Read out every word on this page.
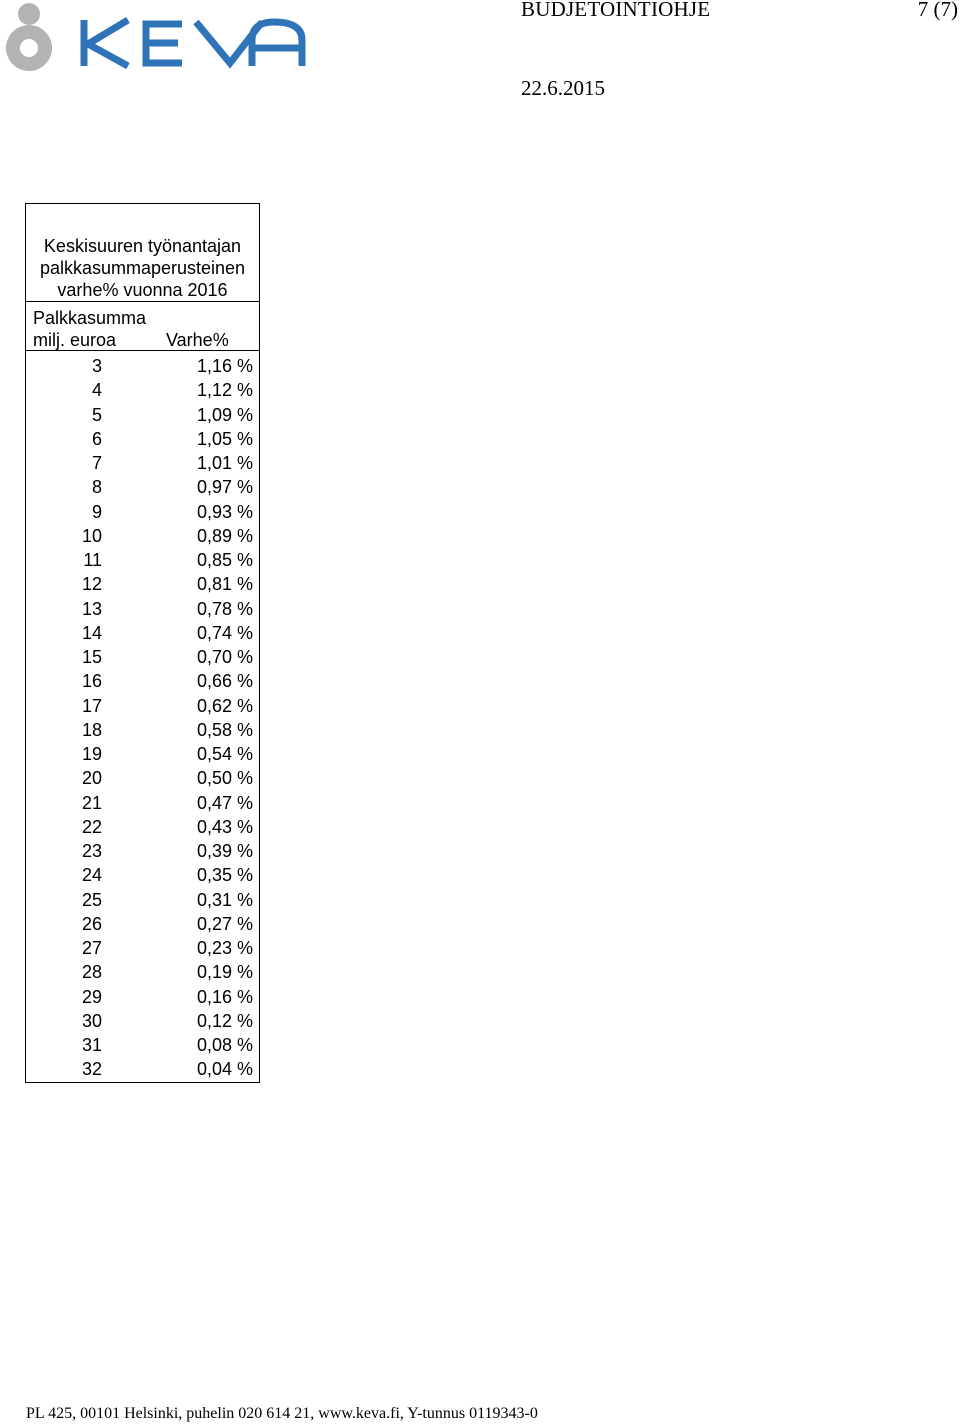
BUDJETOINTIOHJE	7 (7)
22.6.2015
Keskisuuren työnantajan
palkkasummaperusteinen
varhe% vuonna 2016
Palkkasumma
milj. euroa	Varhe%
3	1,16 %
4	1,12 %
5	1,09 %
6	1,05 %
7	1,01 %
8	0,97 %
9	0,93 %
10	0,89 %
11	0,85 %
12	0,81 %
13	0,78 %
14	0,74 %
15	0,70 %
16	0,66 %
17	0,62 %
18	0,58 %
19	0,54 %
20	0,50 %
21	0,47 %
22	0,43 %
23	0,39 %
24	0,35 %
25	0,31 %
26	0,27 %
27	0,23 %
28	0,19 %
29	0,16 %
30	0,12 %
31	0,08 %
32	0,04 %
PL 425, 00101 Helsinki, puhelin 020 614 21, www.keva.fi, Y-tunnus 0119343-0
